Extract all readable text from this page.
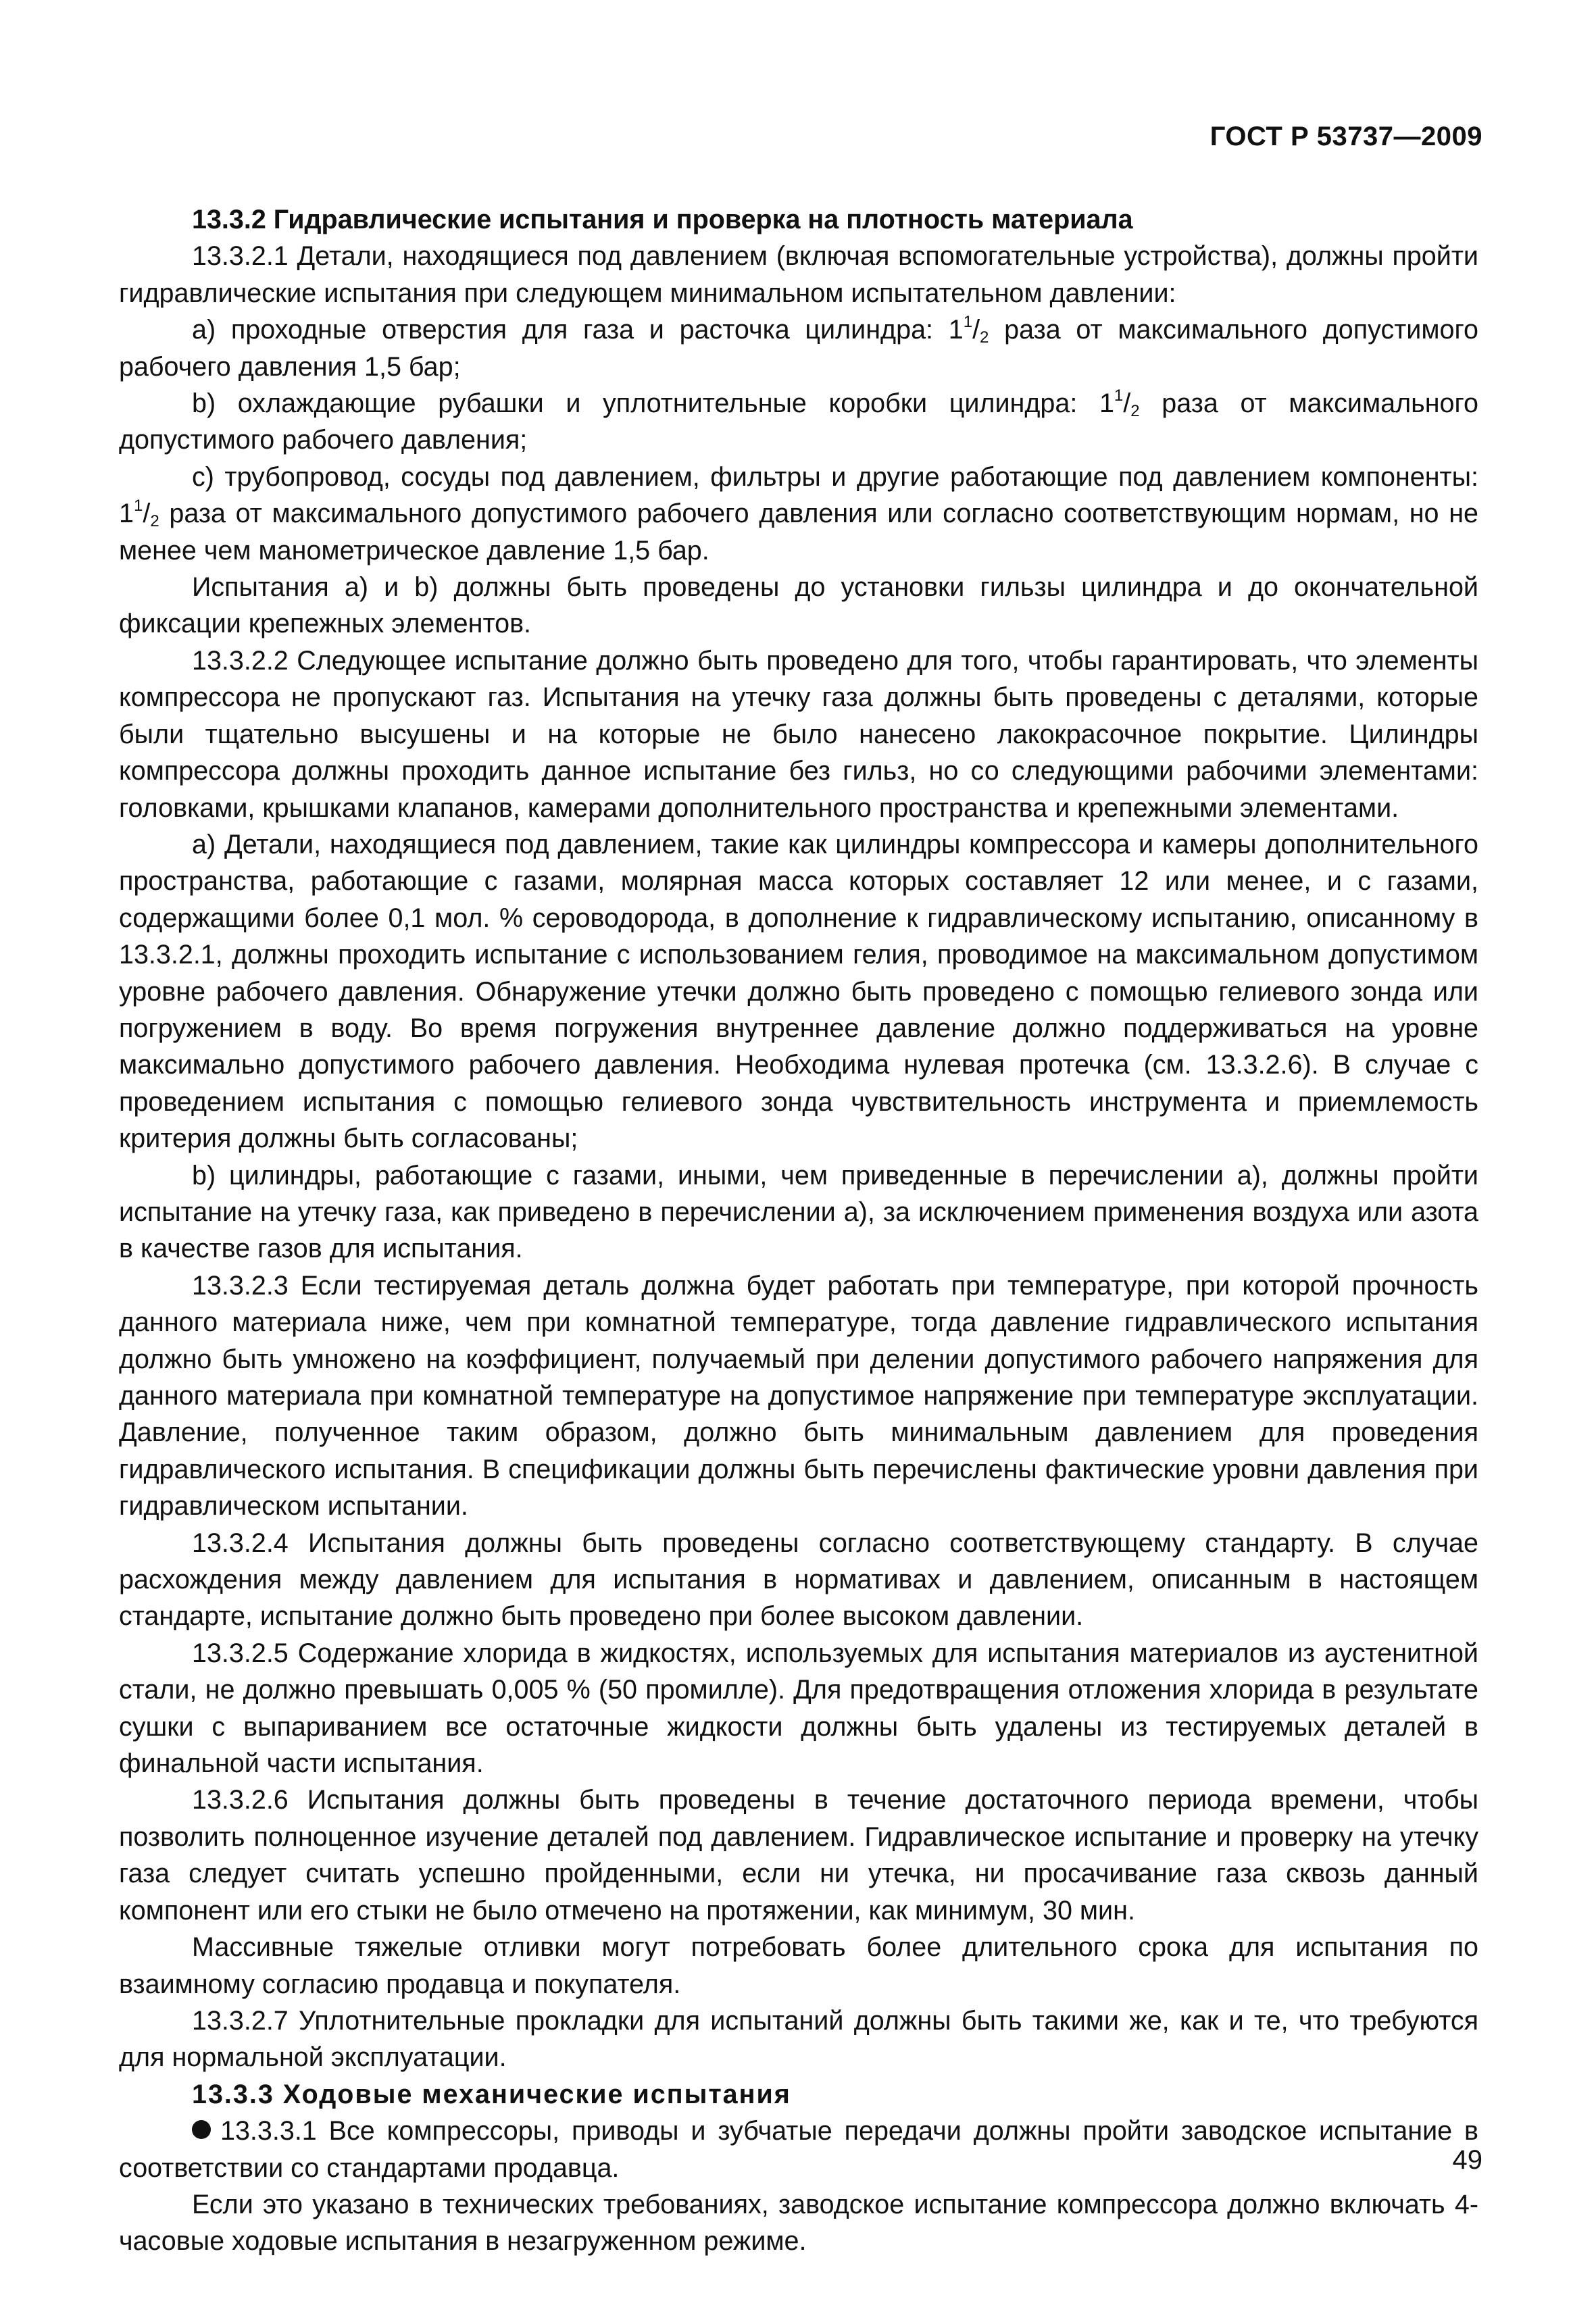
ГОСТ Р 53737—2009
13.3.2 Гидравлические испытания и проверка на плотность материала

13.3.2.1 Детали, находящиеся под давлением (включая вспомогательные устройства), должны пройти гидравлические испытания при следующем минимальном испытательном давлении:

а) проходные отверстия для газа и расточка цилиндра: $1^1/_2$ раза от максимального допустимого рабочего давления 1,5 бар;

b) охлаждающие рубашки и уплотнительные коробки цилиндра: $1^1/_2$ раза от максимального допустимого рабочего давления;

с) трубопровод, сосуды под давлением, фильтры и другие работающие под давлением компоненты: $1^1/_2$ раза от максимального допустимого рабочего давления или согласно соответствующим нормам, но не менее чем манометрическое давление 1,5 бар.

Испытания а) и b) должны быть проведены до установки гильзы цилиндра и до окончательной фиксации крепежных элементов.

13.3.2.2 Следующее испытание должно быть проведено для того, чтобы гарантировать, что элементы компрессора не пропускают газ. Испытания на утечку газа должны быть проведены с деталями, которые были тщательно высушены и на которые не было нанесено лакокрасочное покрытие. Цилиндры компрессора должны проходить данное испытание без гильз, но со следующими рабочими элементами: головками, крышками клапанов, камерами дополнительного пространства и крепежными элементами.

а) Детали, находящиеся под давлением, такие как цилиндры компрессора и камеры дополнительного пространства, работающие с газами, молярная масса которых составляет 12 или менее, и с газами, содержащими более 0,1 мол. % сероводорода, в дополнение к гидравлическому испытанию, описанному в 13.3.2.1, должны проходить испытание с использованием гелия, проводимое на максимальном допустимом уровне рабочего давления. Обнаружение утечки должно быть проведено с помощью гелиевого зонда или погружением в воду. Во время погружения внутреннее давление должно поддерживаться на уровне максимально допустимого рабочего давления. Необходима нулевая протечка (см. 13.3.2.6). В случае с проведением испытания с помощью гелиевого зонда чувствительность инструмента и приемлемость критерия должны быть согласованы;

b) цилиндры, работающие с газами, иными, чем приведенные в перечислении а), должны пройти испытание на утечку газа, как приведено в перечислении а), за исключением применения воздуха или азота в качестве газов для испытания.

13.3.2.3 Если тестируемая деталь должна будет работать при температуре, при которой прочность данного материала ниже, чем при комнатной температуре, тогда давление гидравлического испытания должно быть умножено на коэффициент, получаемый при делении допустимого рабочего напряжения для данного материала при комнатной температуре на допустимое напряжение при температуре эксплуатации. Давление, полученное таким образом, должно быть минимальным давлением для проведения гидравлического испытания. В спецификации должны быть перечислены фактические уровни давления при гидравлическом испытании.

13.3.2.4 Испытания должны быть проведены согласно соответствующему стандарту. В случае расхождения между давлением для испытания в нормативах и давлением, описанным в настоящем стандарте, испытание должно быть проведено при более высоком давлении.

13.3.2.5 Содержание хлорида в жидкостях, используемых для испытания материалов из аустенитной стали, не должно превышать 0,005 % (50 промилле). Для предотвращения отложения хлорида в результате сушки с выпариванием все остаточные жидкости должны быть удалены из тестируемых деталей в финальной части испытания.

13.3.2.6 Испытания должны быть проведены в течение достаточного периода времени, чтобы позволить полноценное изучение деталей под давлением. Гидравлическое испытание и проверку на утечку газа следует считать успешно пройденными, если ни утечка, ни просачивание газа сквозь данный компонент или его стыки не было отмечено на протяжении, как минимум, 30 мин.

Массивные тяжелые отливки могут потребовать более длительного срока для испытания по взаимному согласию продавца и покупателя.

13.3.2.7 Уплотнительные прокладки для испытаний должны быть такими же, как и те, что требуются для нормальной эксплуатации.

13.3.3 Ходовые механические испытания

13.3.3.1 Все компрессоры, приводы и зубчатые передачи должны пройти заводское испытание в соответствии со стандартами продавца.

Если это указано в технических требованиях, заводское испытание компрессора должно включать 4-часовые ходовые испытания в незагруженном режиме.

49
